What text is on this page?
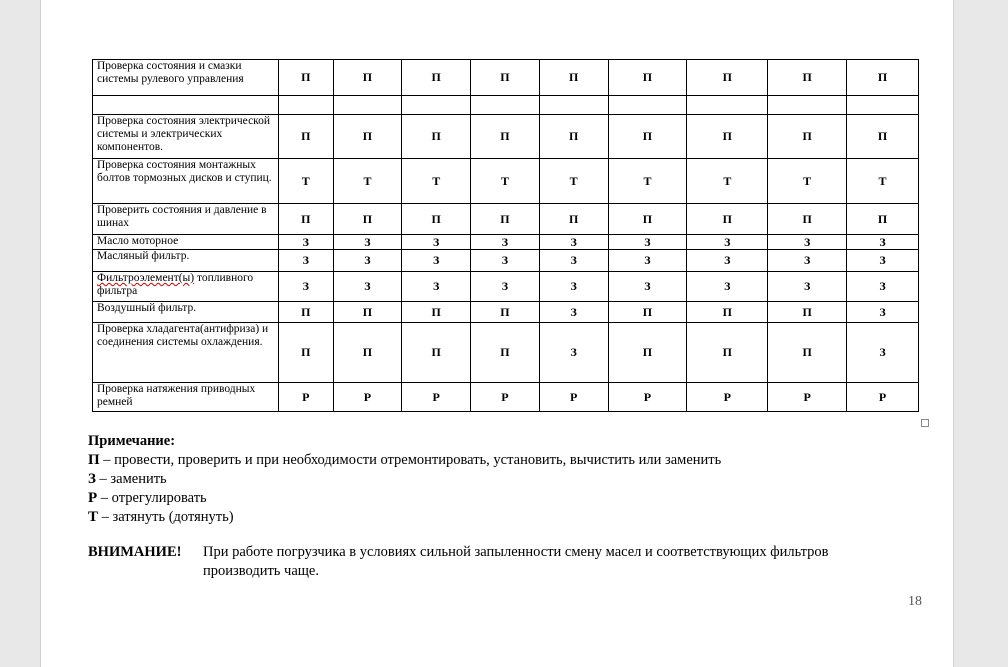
Проверка состояния и смазки системы рулевого управления	П	П	П	П	П	П	П	П	П

Проверка состояния электрической системы и электрических компонентов.	П	П	П	П	П	П	П	П	П
Проверка состояния монтажных болтов тормозных дисков и ступиц.	Т	Т	Т	Т	Т	Т	Т	Т	Т
Проверить состояния и давление в шинах	П	П	П	П	П	П	П	П	П
Масло моторное	З	З	З	З	З	З	З	З	З
Масляный фильтр.	З	З	З	З	З	З	З	З	З
Фильтроэлемент(ы) топливного фильтра	З	З	З	З	З	З	З	З	З
Воздушный фильтр.	П	П	П	П	З	П	П	П	З
Проверка хладагента(антифриза) и соединения системы охлаждения.	П	П	П	П	З	П	П	П	З
Проверка натяжения приводных ремней	Р	Р	Р	Р	Р	Р	Р	Р	Р
Примечание:
П – провести, проверить и при необходимости отремонтировать, установить, вычистить или заменить
З – заменить
Р – отрегулировать
Т – затянуть (дотянуть)
ВНИМАНИЕ! При работе погрузчика в условиях сильной запыленности смену масел и соответствующих фильтров производить чаще.
18
